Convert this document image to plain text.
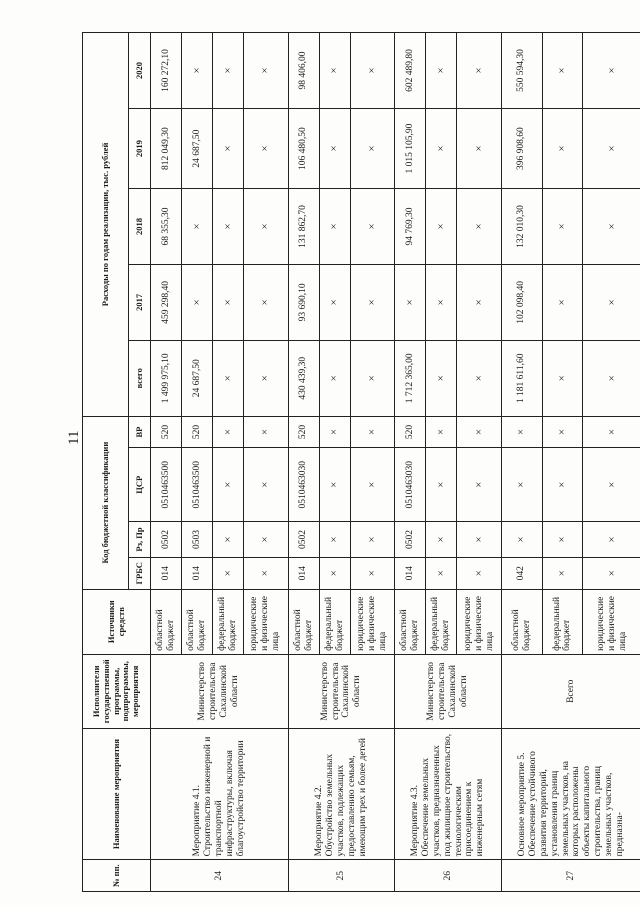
11
№ пп.	Наименование мероприятия	Исполнители государственной программы, подпрограммы, мероприятия	Источники средств	Код бюджетной классификации				Расходы по годам реализации, тыс. рублей				
				ГРБС	Рз, Пр	ЦСР	ВР	всего	2017	2018	2019	2020
24	Мероприятие 4.1. Строительство инженерной и транспортной инфраструктуры, включая благоустройство территории	Министерство строительства Сахалинской области	областной бюджет	014	0502	0510463500	520	1 499 975,10	459 298,40	68 355,30	812 049,30	160 272,10
			областной бюджет	014	0503	0510463500	520	24 687,50	×	×	24 687,50	×
			федеральный бюджет	×	×	×	×	×	×	×	×	×
			юридические и физические лица	×	×	×	×	×	×	×	×	×
25	Мероприятие 4.2. Обустройство земельных участков, подлежащих предоставлению семьям, имеющим трех и более детей	Министерство строительства Сахалинской области	областной бюджет	014	0502	0510463030	520	430 439,30	93 690,10	131 862,70	106 480,50	98 406,00
			федеральный бюджет	×	×	×	×	×	×	×	×	×
			юридические и физические лица	×	×	×	×	×	×	×	×	×
26	Мероприятие 4.3. Обеспечение земельных участков, предназначенных под жилищное строительство, технологическим присоединением к инженерным сетям	Министерство строительства Сахалинской области	областной бюджет	014	0502	0510463030	520	1 712 365,00	×	94 769,30	1 015 105,90	602 489,80
			федеральный бюджет	×	×	×	×	×	×	×	×	×
			юридические и физические лица	×	×	×	×	×	×	×	×	×
27	Основное мероприятие 5. Обеспечение устойчивого развития территорий, установления границ земельных участков, на которых расположены объекты капитального строительства, границ земельных участков, предназна-	Всего	областной бюджет	042	×	×	×	1 181 611,60	102 098,40	132 010,30	396 908,60	550 594,30
			федеральный бюджет	×	×	×	×	×	×	×	×	×
			юридические и физические лица	×	×	×	×	×	×	×	×	×
